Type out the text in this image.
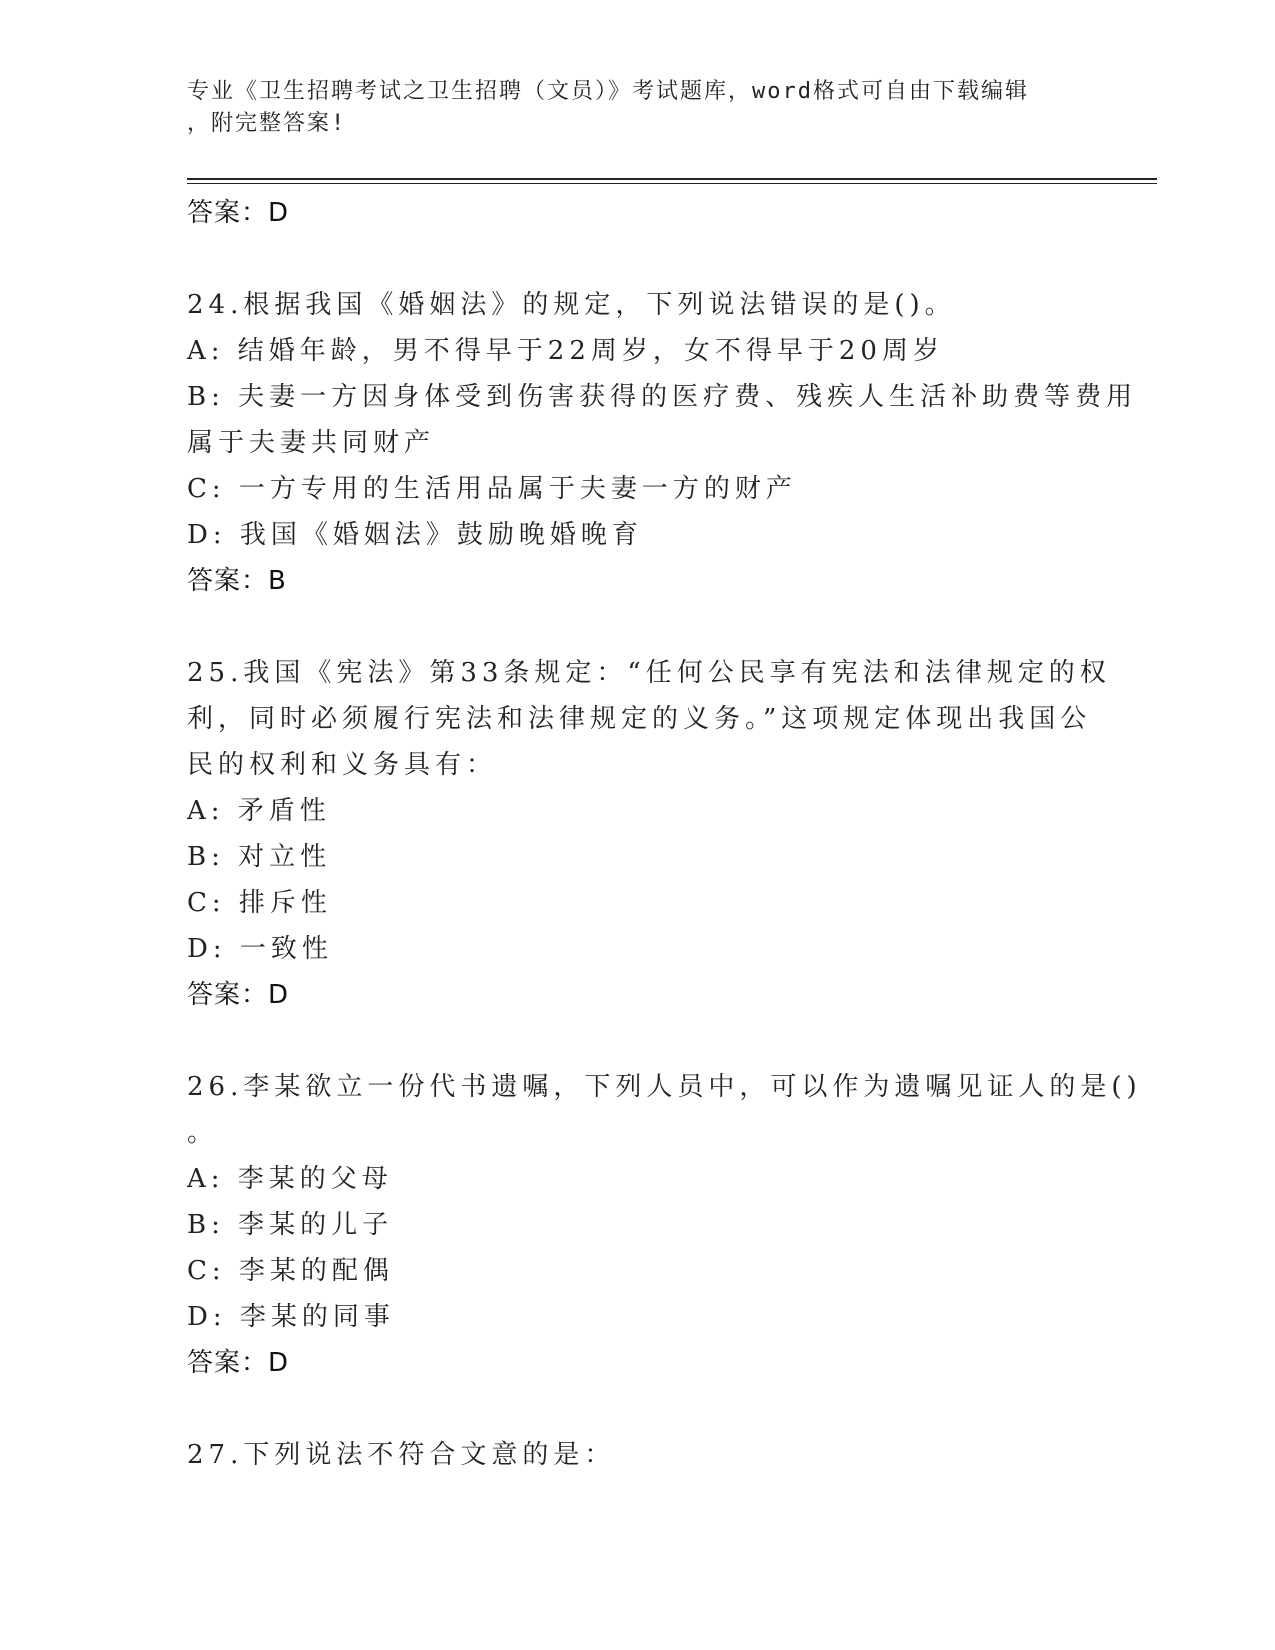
专业《卫生招聘考试之卫生招聘（文员）》考试题库，word格式可自由下载编辑
，附完整答案!
答案：D
24.根据我国《婚姻法》的规定，下列说法错误的是()。
A: 结婚年龄，男不得早于22周岁，女不得早于20周岁
B: 夫妻一方因身体受到伤害获得的医疗费、残疾人生活补助费等费用
属于夫妻共同财产
C: 一方专用的生活用品属于夫妻一方的财产
D: 我国《婚姻法》鼓励晚婚晚育
答案：B
25.我国《宪法》第33条规定：“任何公民享有宪法和法律规定的权
利，同时必须履行宪法和法律规定的义务。”这项规定体现出我国公
民的权利和义务具有：
A: 矛盾性
B: 对立性
C: 排斥性
D: 一致性
答案：D
26.李某欲立一份代书遗嘱，下列人员中，可以作为遗嘱见证人的是()
。
A: 李某的父母
B: 李某的儿子
C: 李某的配偶
D: 李某的同事
答案：D
27.下列说法不符合文意的是：
